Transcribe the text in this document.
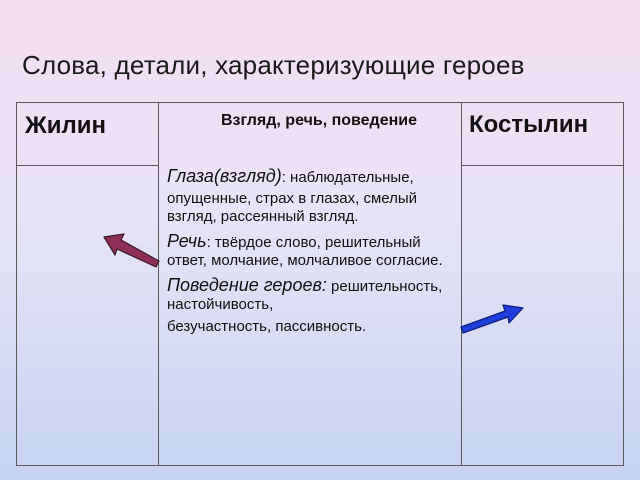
Слова, детали, характеризующие героев
Жилин	Взгляд, речь, поведение	Костылин

Глаза(взгляд): наблюдательные,

опущенные, страх в глазах, смелый взгляд, рассеянный взгляд.

Речь: твёрдое слово, решительный ответ, молчание, молчаливое согласие.

Поведение героев: решительность, настойчивость,

безучастность, пассивность.
